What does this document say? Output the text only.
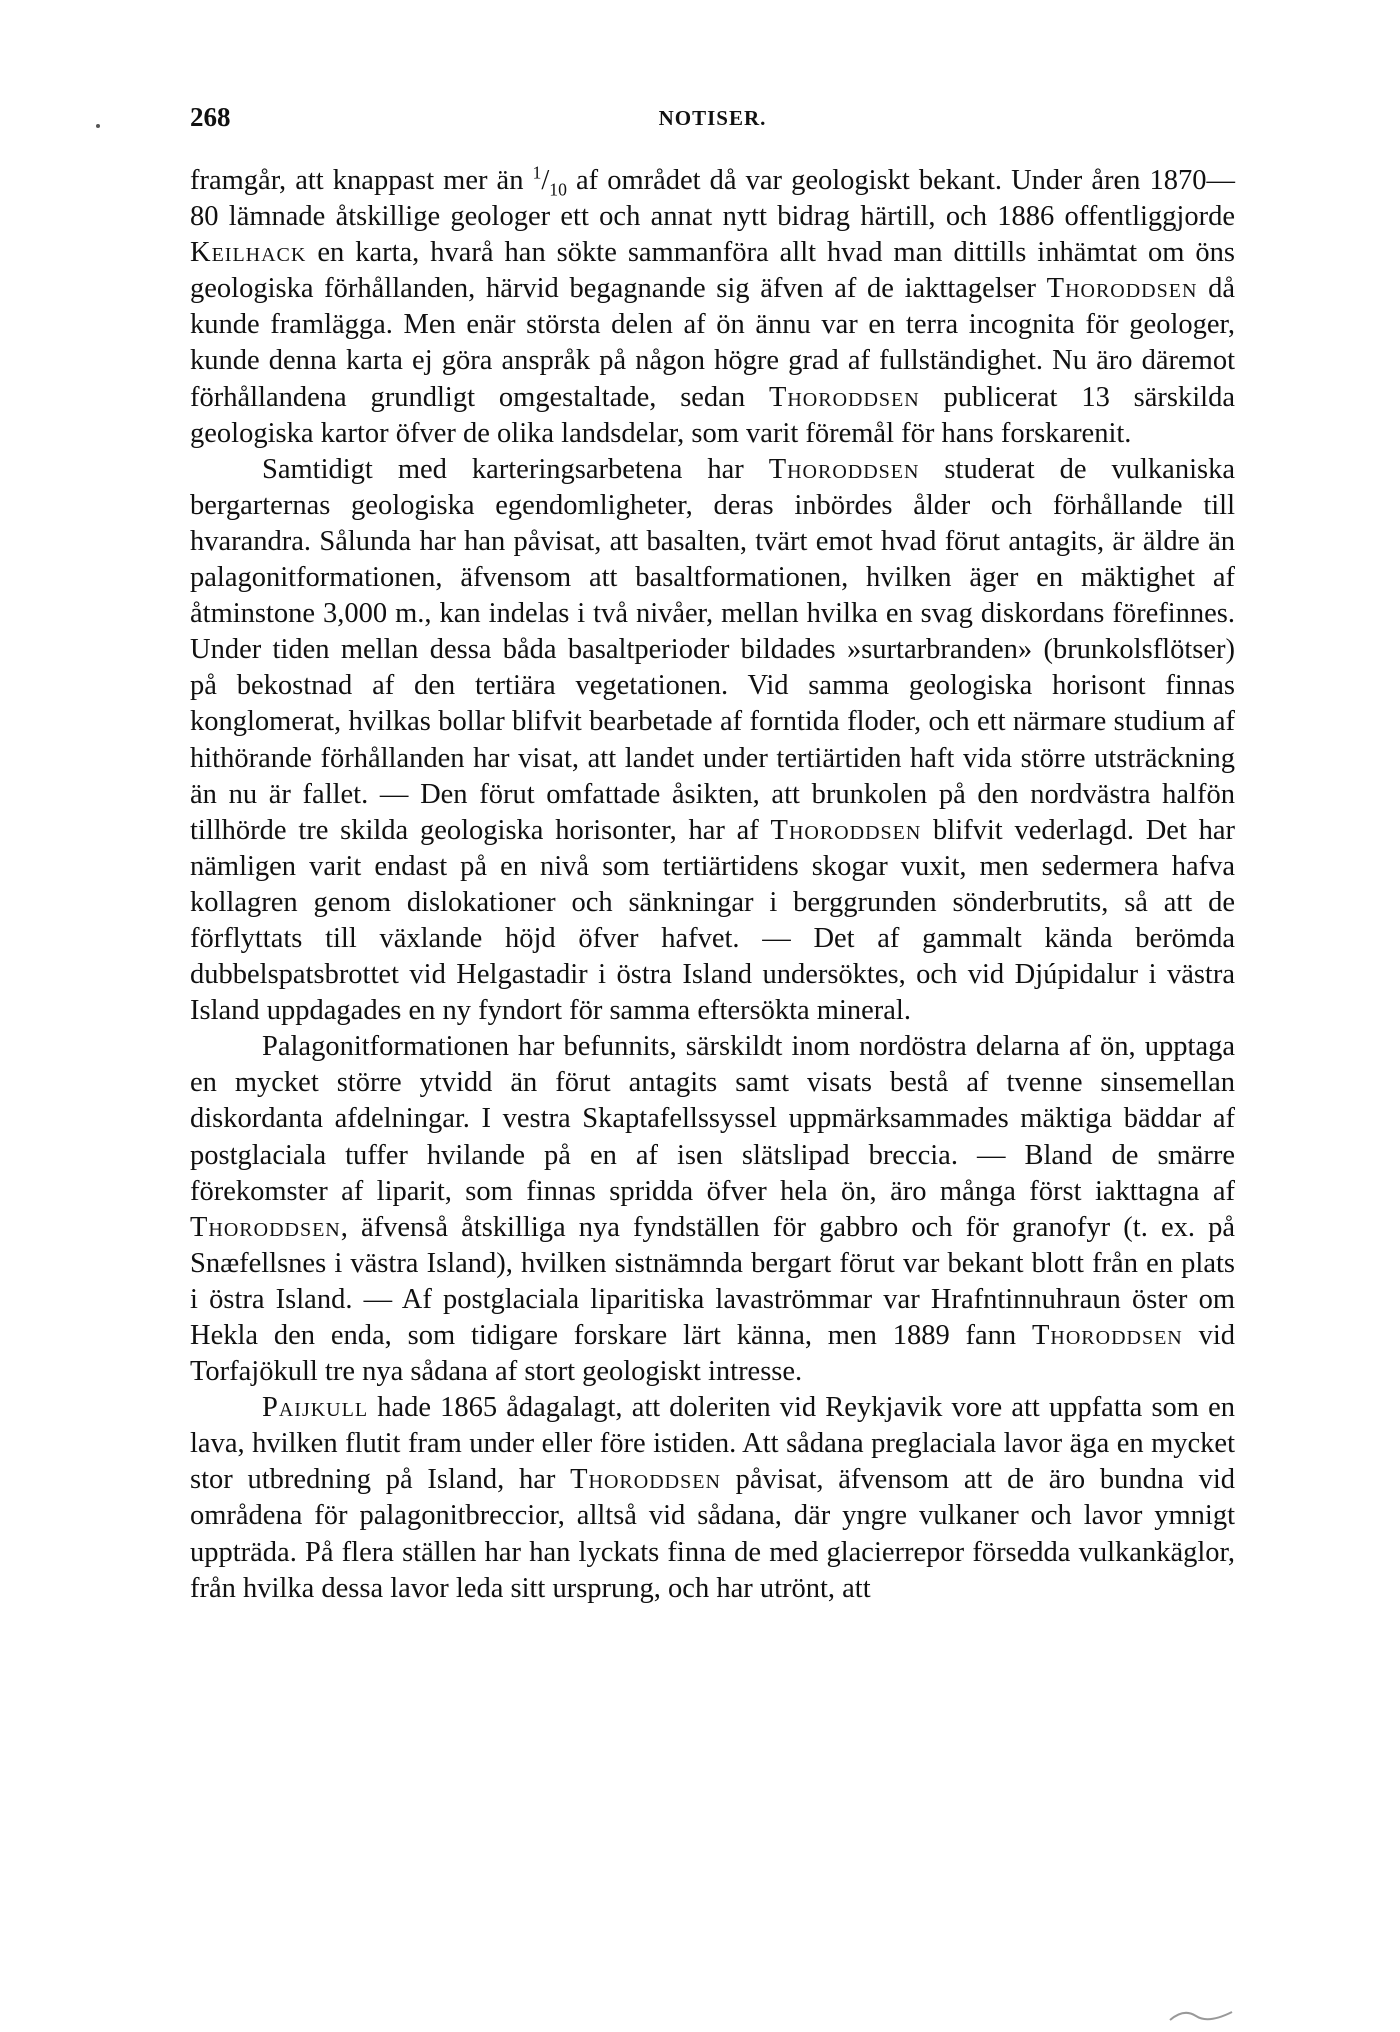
268	NOTISER.

framgår, att knappast mer än $^1/_{10}$ af området då var geologiskt bekant. Under åren 1870—80 lämnade åtskillige geologer ett och annat nytt bidrag härtill, och 1886 offentliggjorde Keilhack en karta, hvarå han sökte sammanföra allt hvad man dittills inhämtat om öns geologiska förhållanden, härvid begagnande sig äfven af de iakttagelser Thoroddsen då kunde framlägga. Men enär största delen af ön ännu var en terra incognita för geologer, kunde denna karta ej göra anspråk på någon högre grad af fullständighet. Nu äro däremot förhållandena grundligt omgestaltade, sedan Thoroddsen publicerat 13 särskilda geologiska kartor öfver de olika landsdelar, som varit föremål för hans forskarenit.

Samtidigt med karteringsarbetena har Thoroddsen studerat de vulkaniska bergarternas geologiska egendomligheter, deras inbördes ålder och förhållande till hvarandra. Sålunda har han påvisat, att basalten, tvärt emot hvad förut antagits, är äldre än palagonitformationen, äfvensom att basaltformationen, hvilken äger en mäktighet af åtminstone 3,000 m., kan indelas i två nivåer, mellan hvilka en svag diskordans förefinnes. Under tiden mellan dessa båda basaltperioder bildades »surtarbranden» (brunkolsflötser) på bekostnad af den tertiära vegetationen. Vid samma geologiska horisont finnas konglomerat, hvilkas bollar blifvit bearbetade af forntida floder, och ett närmare studium af hithörande förhållanden har visat, att landet under tertiärtiden haft vida större utsträckning än nu är fallet. — Den förut omfattade åsikten, att brunkolen på den nordvästra halfön tillhörde tre skilda geologiska horisonter, har af Thoroddsen blifvit vederlagd. Det har nämligen varit endast på en nivå som tertiärtidens skogar vuxit, men sedermera hafva kollagren genom dislokationer och sänkningar i berggrunden sönderbrutits, så att de förflyttats till växlande höjd öfver hafvet. — Det af gammalt kända berömda dubbelspatsbrottet vid Helgastadir i östra Island undersöktes, och vid Djúpidalur i västra Island uppdagades en ny fyndort för samma eftersökta mineral.

Palagonitformationen har befunnits, särskildt inom nordöstra delarna af ön, upptaga en mycket större ytvidd än förut antagits samt visats bestå af tvenne sinsemellan diskordanta afdelningar. I vestra Skaptafellssyssel uppmärksammades mäktiga bäddar af postglaciala tuffer hvilande på en af isen slätslipad breccia. — Bland de smärre förekomster af liparit, som finnas spridda öfver hela ön, äro många först iakttagna af Thoroddsen, äfvenså åtskilliga nya fyndställen för gabbro och för granofyr (t. ex. på Snæfellsnes i västra Island), hvilken sistnämnda bergart förut var bekant blott från en plats i östra Island. — Af postglaciala liparitiska lavaströmmar var Hrafntinnuhraun öster om Hekla den enda, som tidigare forskare lärt känna, men 1889 fann Thoroddsen vid Torfajökull tre nya sådana af stort geologiskt intresse.

Paijkull hade 1865 ådagalagt, att doleriten vid Reykjavik vore att uppfatta som en lava, hvilken flutit fram under eller före istiden. Att sådana preglaciala lavor äga en mycket stor utbredning på Island, har Thoroddsen påvisat, äfvensom att de äro bundna vid områdena för palagonitbreccior, alltså vid sådana, där yngre vulkaner och lavor ymnigt uppträda. På flera ställen har han lyckats finna de med glacierrepor försedda vulkankäglor, från hvilka dessa lavor leda sitt ursprung, och har utrönt, att
